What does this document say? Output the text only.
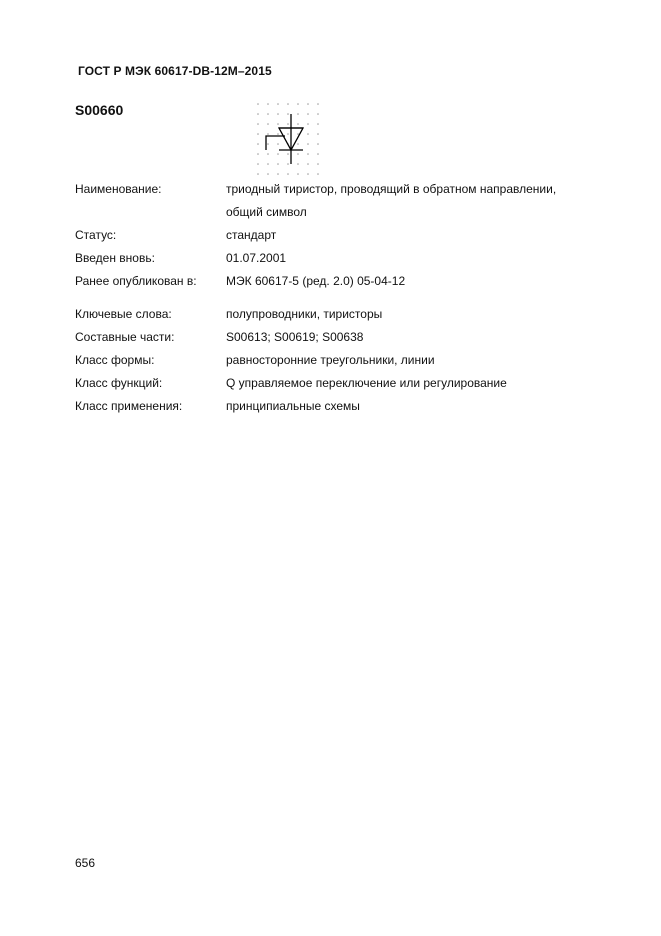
ГОСТ Р МЭК 60617-DB-12M–2015
S00660
Наименование:	триодный тиристор, проводящий в обратном направлении, общий символ
Статус:	стандарт
Введен вновь:	01.07.2001
Ранее опубликован в:	МЭК 60617-5 (ред. 2.0) 05-04-12
Ключевые слова:	полупроводники, тиристоры
Составные части:	S00613; S00619; S00638
Класс формы:	равносторонние треугольники, линии
Класс функций:	Q управляемое переключение или регулирование
Класс применения:	принципиальные схемы
656
